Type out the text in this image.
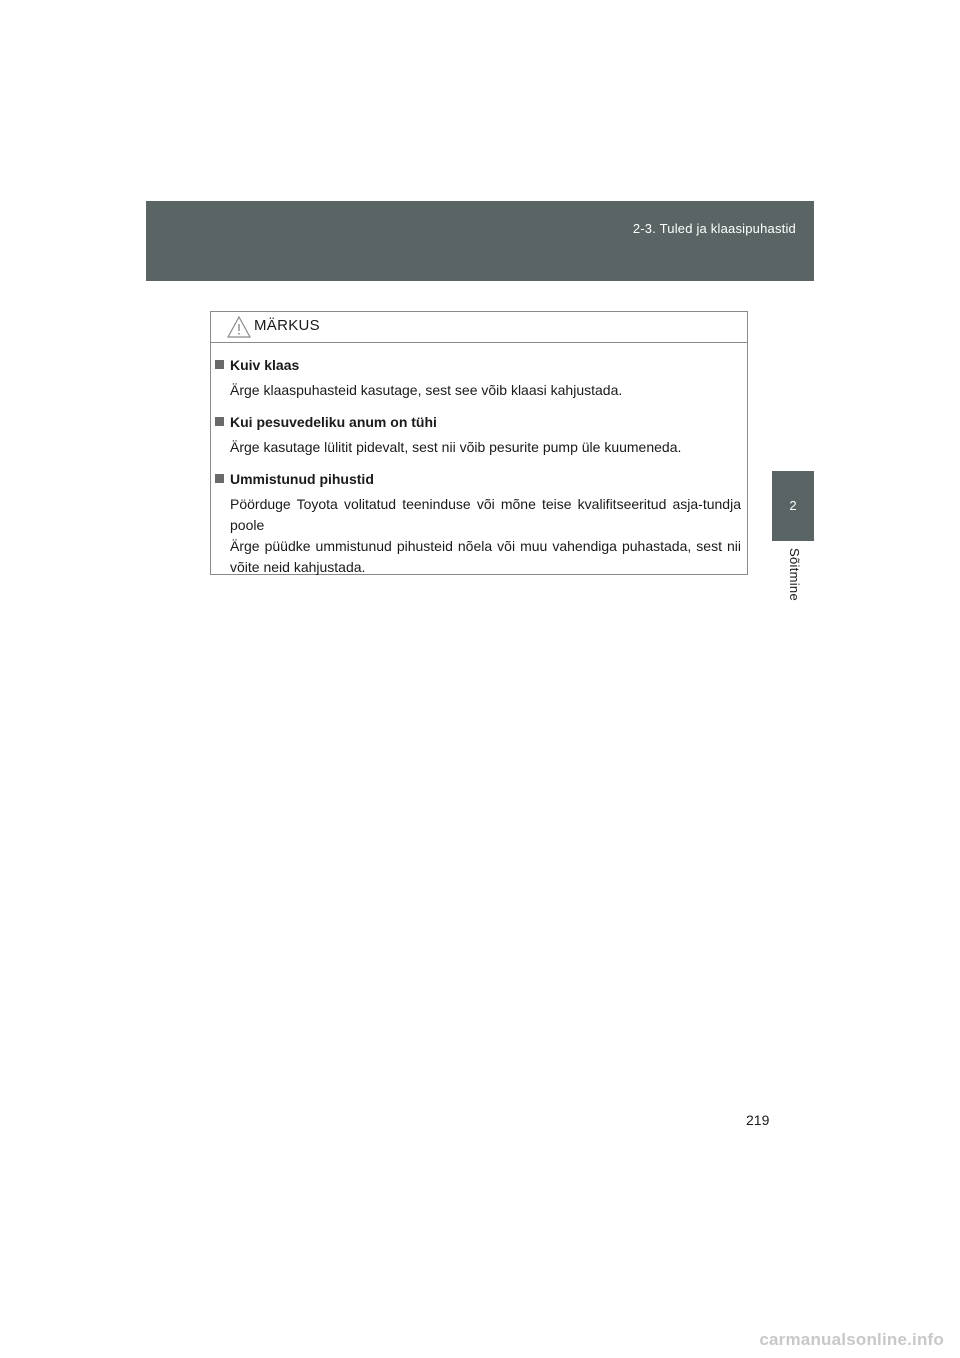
2-3. Tuled ja klaasipuhastid
2
Sõitmine
MÄRKUS
Kuiv klaas

Ärge klaaspuhasteid kasutage, sest see võib klaasi kahjustada.

Kui pesuvedeliku anum on tühi

Ärge kasutage lülitit pidevalt, sest nii võib pesurite pump üle kuumeneda.

Ummistunud pihustid

Pöörduge Toyota volitatud teeninduse või mõne teise kvalifitseeritud asja-tundja poole

Ärge püüdke ummistunud pihusteid nõela või muu vahendiga puhastada, sest nii võite neid kahjustada.

219
carmanualsonline.info
